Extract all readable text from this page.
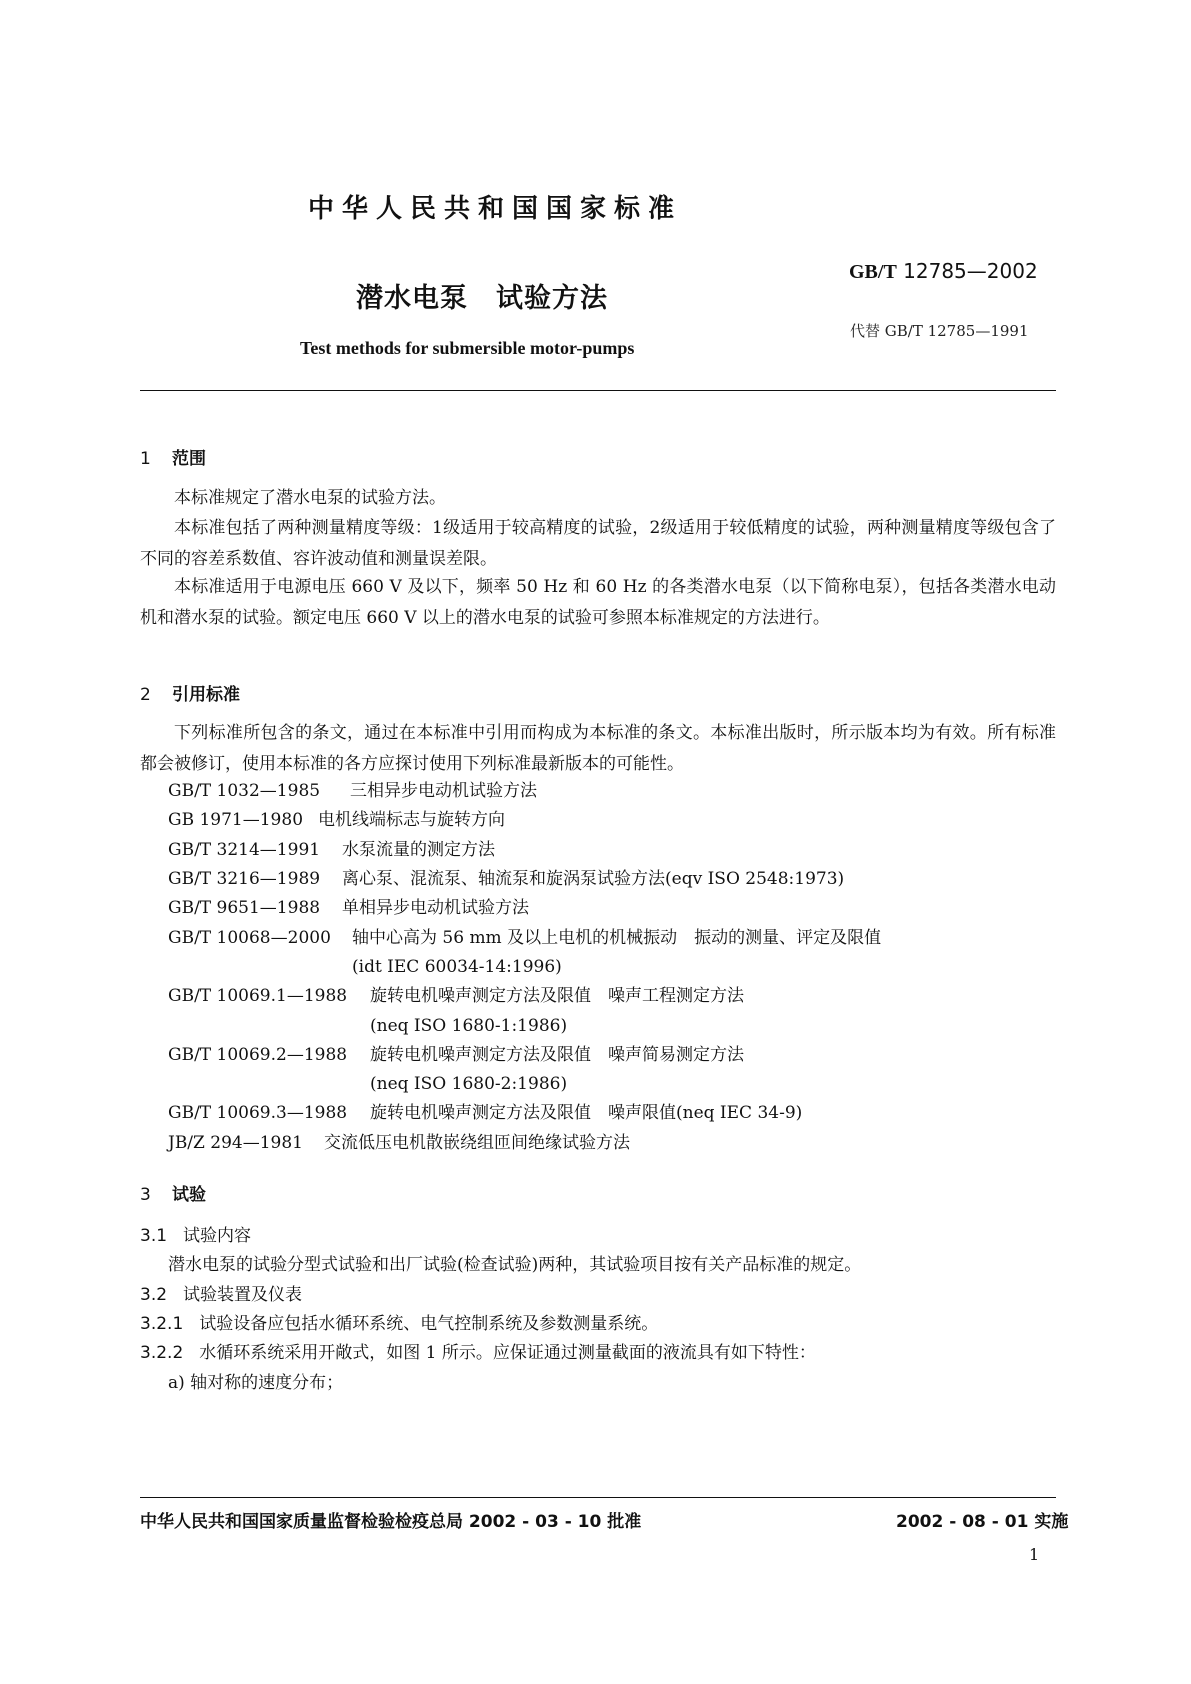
中华人民共和国国家标准
GB/T 12785—2002
潜水电泵　试验方法
代替 GB/T 12785—1991
Test methods for submersible motor-pumps
1 范围
本标准规定了潜水电泵的试验方法。
本标准包括了两种测量精度等级：1级适用于较高精度的试验，2级适用于较低精度的试验，两种测量精度等级包含了不同的容差系数值、容许波动值和测量误差限。
本标准适用于电源电压 660 V 及以下，频率 50 Hz 和 60 Hz 的各类潜水电泵（以下简称电泵），包括各类潜水电动机和潜水泵的试验。额定电压 660 V 以上的潜水电泵的试验可参照本标准规定的方法进行。
2 引用标准
下列标准所包含的条文，通过在本标准中引用而构成为本标准的条文。本标准出版时，所示版本均为有效。所有标准都会被修订，使用本标准的各方应探讨使用下列标准最新版本的可能性。
GB/T 1032—1985 三相异步电动机试验方法
GB 1971—1980 电机线端标志与旋转方向
GB/T 3214—1991 水泵流量的测定方法
GB/T 3216—1989 离心泵、混流泵、轴流泵和旋涡泵试验方法(eqv ISO 2548:1973)
GB/T 9651—1988 单相异步电动机试验方法
GB/T 10068—2000 轴中心高为 56 mm 及以上电机的机械振动　振动的测量、评定及限值
(idt IEC 60034-14:1996)
GB/T 10069.1—1988 旋转电机噪声测定方法及限值　噪声工程测定方法
(neq ISO 1680-1:1986)
GB/T 10069.2—1988 旋转电机噪声测定方法及限值　噪声简易测定方法
(neq ISO 1680-2:1986)
GB/T 10069.3—1988 旋转电机噪声测定方法及限值　噪声限值(neq IEC 34-9)
JB/Z 294—1981 交流低压电机散嵌绕组匝间绝缘试验方法
3 试验
3.1 试验内容
潜水电泵的试验分型式试验和出厂试验(检查试验)两种，其试验项目按有关产品标准的规定。
3.2 试验装置及仪表
3.2.1 试验设备应包括水循环系统、电气控制系统及参数测量系统。
3.2.2 水循环系统采用开敞式，如图 1 所示。应保证通过测量截面的液流具有如下特性：
a) 轴对称的速度分布；
中华人民共和国国家质量监督检验检疫总局 2002 - 03 - 10 批准	2002 - 08 - 01 实施
1
